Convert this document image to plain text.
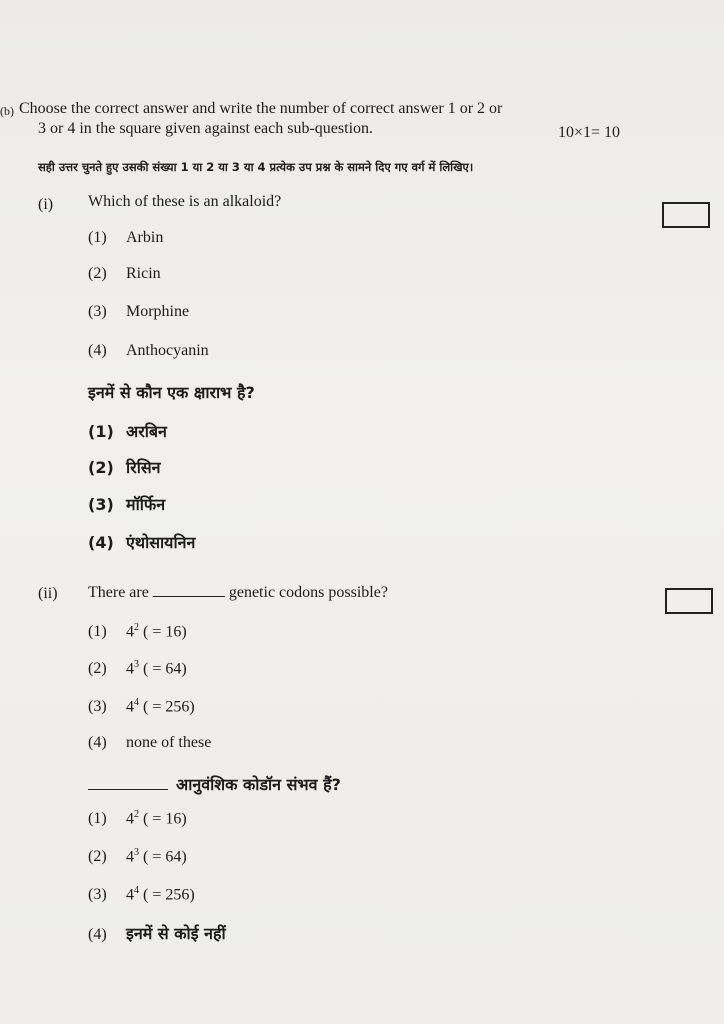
(b) Choose the correct answer and write the number of correct answer 1 or 2 or
3 or 4 in the square given against each sub-question.	10×1= 10
सही उत्तर चुनते हुए उसकी संख्या 1 या 2 या 3 या 4 प्रत्येक उप प्रश्न के सामने दिए गए वर्ग में लिखिए।
(i) Which of these is an alkaloid?
(1) Arbin
(2) Ricin
(3) Morphine
(4) Anthocyanin
इनमें से कौन एक क्षाराभ है?
(1) अरबिन
(2) रिसिन
(3) मॉर्फिन
(4) एंथोसायनिन
(ii) There are	genetic codons possible?
(1) $4^2$ ( = 16)
(2) $4^3$ ( = 64)
(3) $4^4$ ( = 256)
(4) none of these
आनुवंशिक कोडॉन संभव हैं?
(1) $4^2$ ( = 16)
(2) $4^3$ ( = 64)
(3) $4^4$ ( = 256)
(4) इनमें से कोई नहीं
